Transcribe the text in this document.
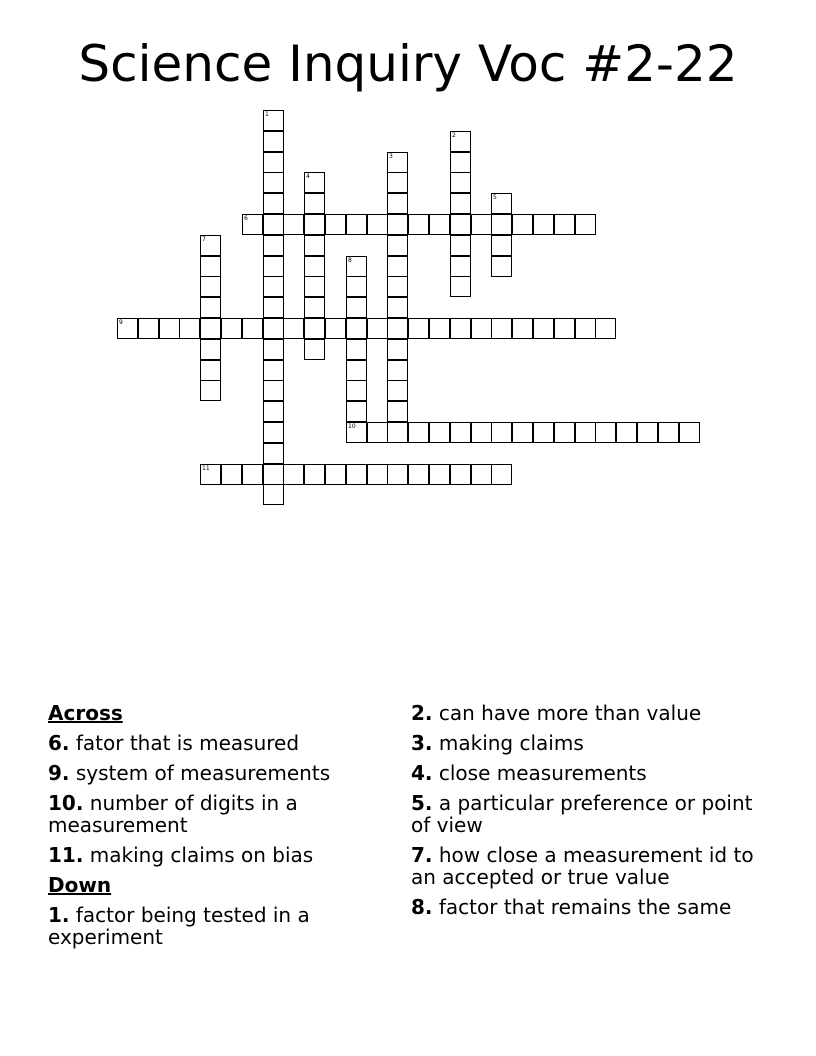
Science Inquiry Voc #2-22
1
2
3
4
5
6
7
8
10
9
11
Across
6. fator that is measured
9. system of measurements
10. number of digits in a measurement
11. making claims on bias
Down
1. factor being tested in a experiment
2. can have more than value
3. making claims
4. close measurements
5. a particular preference or point of view
7. how close a measurement id to an accepted or true value
8. factor that remains the same
